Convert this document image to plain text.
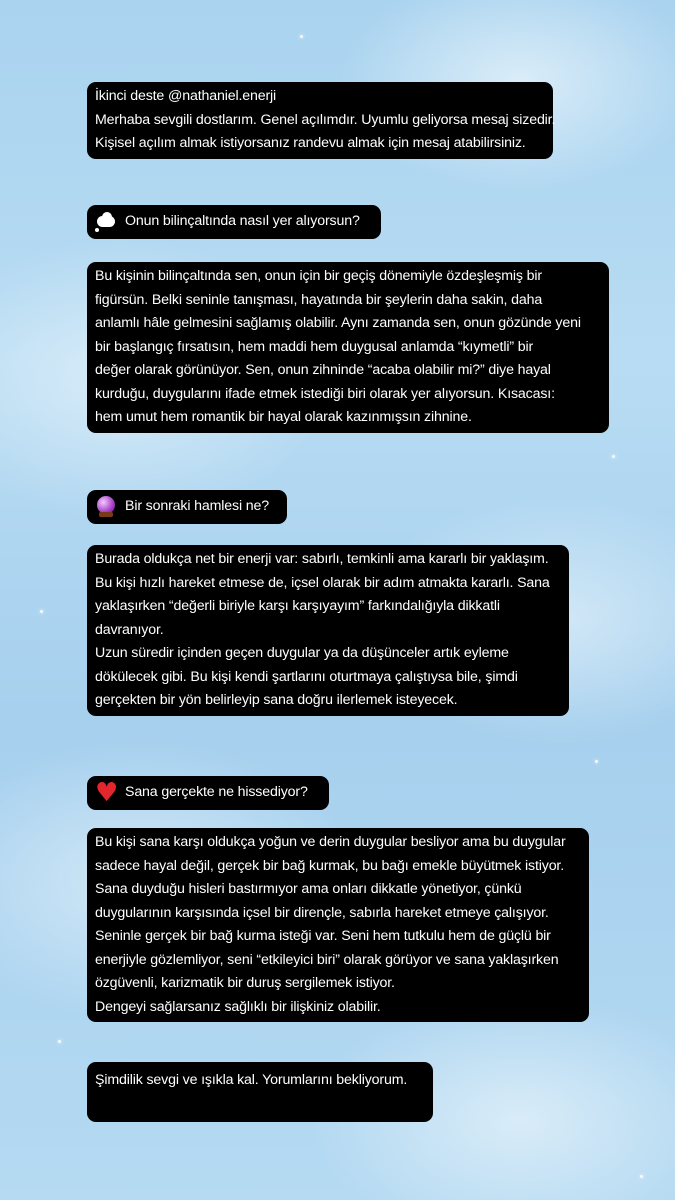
İkinci deste @nathaniel.enerji
Merhaba sevgili dostlarım. Genel açılımdır. Uyumlu geliyorsa mesaj sizedir.
Kişisel açılım almak istiyorsanız randevu almak için mesaj atabilirsiniz.
Onun bilinçaltında nasıl yer alıyorsun?
Bu kişinin bilinçaltında sen, onun için bir geçiş dönemiyle özdeşleşmiş bir
figürsün. Belki seninle tanışması, hayatında bir şeylerin daha sakin, daha
anlamlı hâle gelmesini sağlamış olabilir. Aynı zamanda sen, onun gözünde yeni
bir başlangıç fırsatısın, hem maddi hem duygusal anlamda “kıymetli” bir
değer olarak görünüyor. Sen, onun zihninde “acaba olabilir mi?” diye hayal
kurduğu, duygularını ifade etmek istediği biri olarak yer alıyorsun. Kısacası:
hem umut hem romantik bir hayal olarak kazınmışsın zihnine.
Bir sonraki hamlesi ne?
Burada oldukça net bir enerji var: sabırlı, temkinli ama kararlı bir yaklaşım.
Bu kişi hızlı hareket etmese de, içsel olarak bir adım atmakta kararlı. Sana
yaklaşırken “değerli biriyle karşı karşıyayım” farkındalığıyla dikkatli
davranıyor.
Uzun süredir içinden geçen duygular ya da düşünceler artık eyleme
dökülecek gibi. Bu kişi kendi şartlarını oturtmaya çalıştıysa bile, şimdi
gerçekten bir yön belirleyip sana doğru ilerlemek isteyecek.
♥
Sana gerçekte ne hissediyor?
Bu kişi sana karşı oldukça yoğun ve derin duygular besliyor ama bu duygular
sadece hayal değil, gerçek bir bağ kurmak, bu bağı emekle büyütmek istiyor.
Sana duyduğu hisleri bastırmıyor ama onları dikkatle yönetiyor, çünkü
duygularının karşısında içsel bir dirençle, sabırla hareket etmeye çalışıyor.
Seninle gerçek bir bağ kurma isteği var. Seni hem tutkulu hem de güçlü bir
enerjiyle gözlemliyor, seni “etkileyici biri” olarak görüyor ve sana yaklaşırken
özgüvenli, karizmatik bir duruş sergilemek istiyor.
Dengeyi sağlarsanız sağlıklı bir ilişkiniz olabilir.
Şimdilik sevgi ve ışıkla kal. Yorumlarını bekliyorum.
